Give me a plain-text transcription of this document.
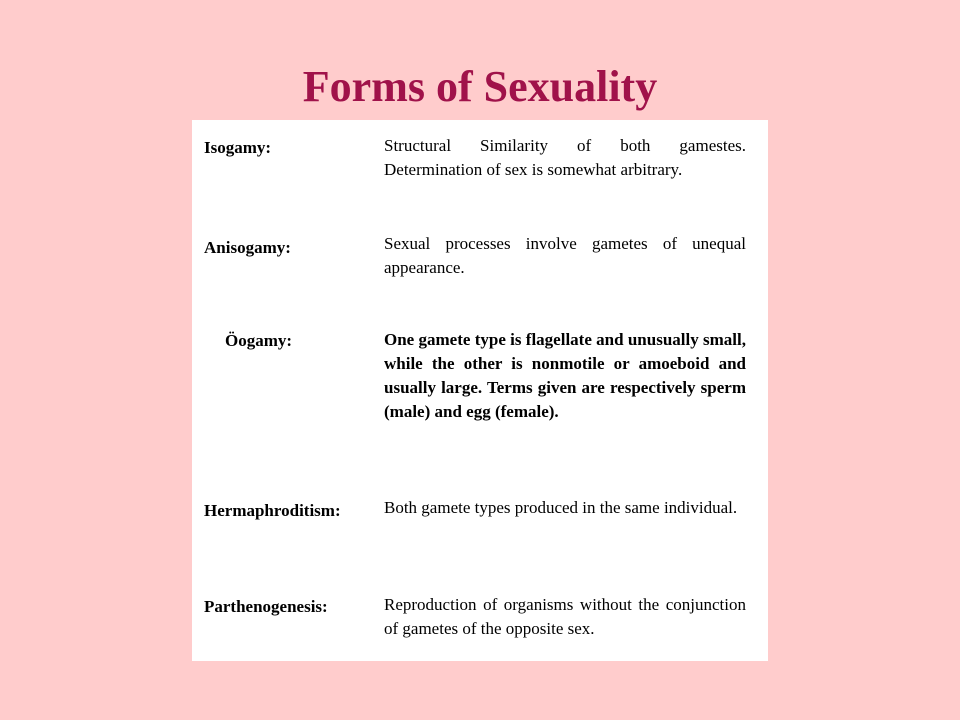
Forms of Sexuality
Isogamy:	Structural Similarity of both gamestes. Determination of sex is somewhat arbitrary.
Anisogamy:	Sexual processes involve gametes of unequal appearance.
Öogamy:	One gamete type is flagellate and unusually small, while the other is nonmotile or amoeboid and usually large. Terms given are respectively sperm (male) and egg (female).
Hermaphroditism:	Both gamete types produced in the same individual.
Parthenogenesis:	Reproduction of organisms without the conjunction of gametes of the opposite sex.
